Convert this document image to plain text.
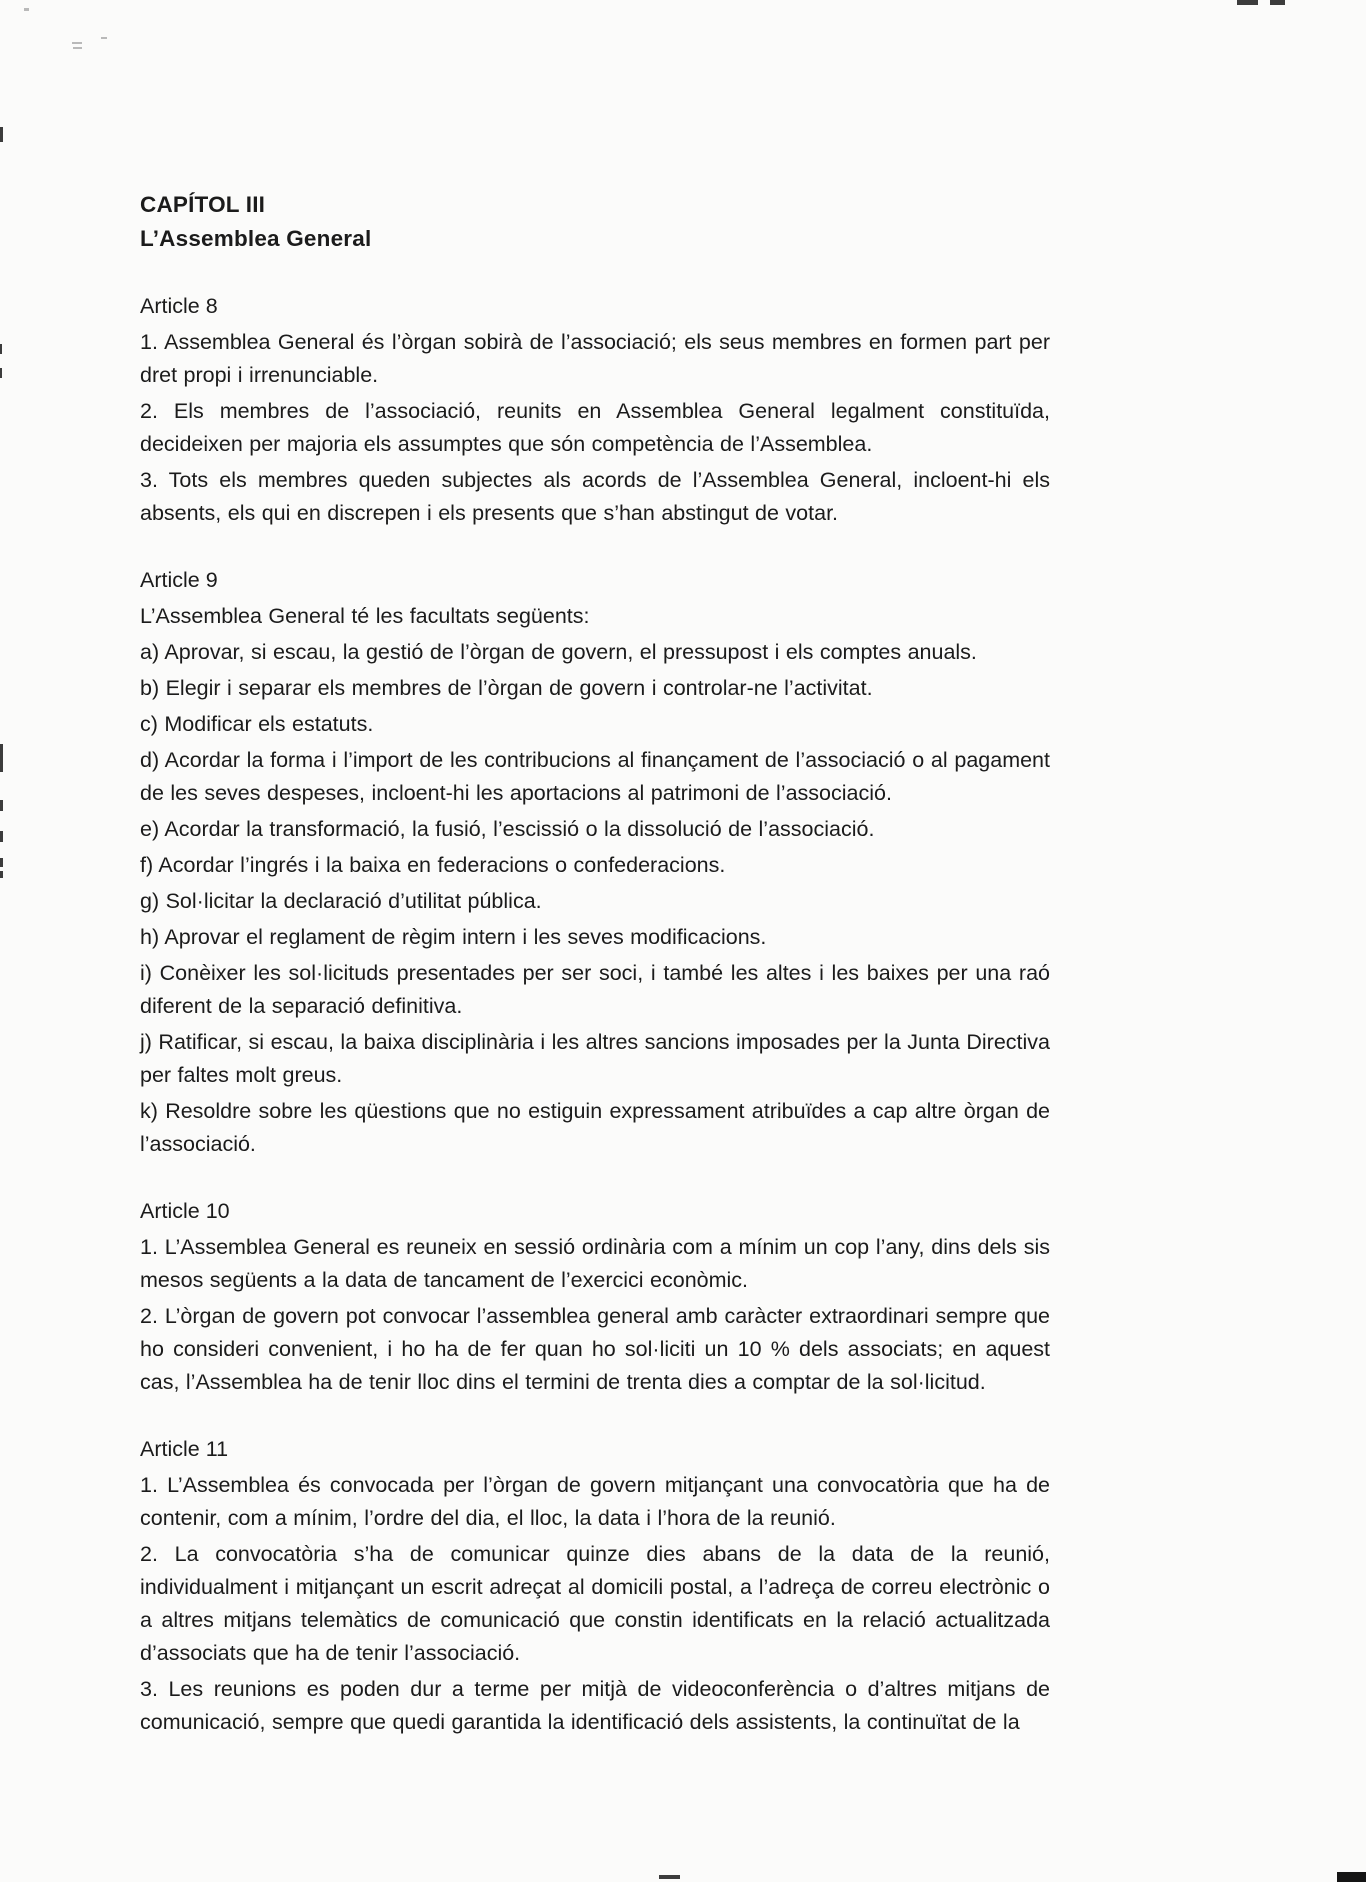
CAPÍTOL III
L’Assemblea General
Article 8

1. Assemblea General és l’òrgan sobirà de l’associació; els seus membres en formen part per dret propi i irrenunciable.

2. Els membres de l’associació, reunits en Assemblea General legalment constituïda, decideixen per majoria els assumptes que són competència de l’Assemblea.

3. Tots els membres queden subjectes als acords de l’Assemblea General, incloent-hi els absents, els qui en discrepen i els presents que s’han abstingut de votar.

Article 9

L’Assemblea General té les facultats següents:

a) Aprovar, si escau, la gestió de l’òrgan de govern, el pressupost i els comptes anuals.

b) Elegir i separar els membres de l’òrgan de govern i controlar-ne l’activitat.

c) Modificar els estatuts.

d) Acordar la forma i l’import de les contribucions al finançament de l’associació o al pagament de les seves despeses, incloent-hi les aportacions al patrimoni de l’associació.

e) Acordar la transformació, la fusió, l’escissió o la dissolució de l’associació.

f) Acordar l’ingrés i la baixa en federacions o confederacions.

g) Sol·licitar la declaració d’utilitat pública.

h) Aprovar el reglament de règim intern i les seves modificacions.

i) Conèixer les sol·licituds presentades per ser soci, i també les altes i les baixes per una raó diferent de la separació definitiva.

j) Ratificar, si escau, la baixa disciplinària i les altres sancions imposades per la Junta Directiva per faltes molt greus.

k) Resoldre sobre les qüestions que no estiguin expressament atribuïdes a cap altre òrgan de l’associació.

Article 10

1. L’Assemblea General es reuneix en sessió ordinària com a mínim un cop l’any, dins dels sis mesos següents a la data de tancament de l’exercici econòmic.

2. L’òrgan de govern pot convocar l’assemblea general amb caràcter extraordinari sempre que ho consideri convenient, i ho ha de fer quan ho sol·liciti un 10 % dels associats; en aquest cas, l’Assemblea ha de tenir lloc dins el termini de trenta dies a comptar de la sol·licitud.

Article 11

1. L’Assemblea és convocada per l’òrgan de govern mitjançant una convocatòria que ha de contenir, com a mínim, l’ordre del dia, el lloc, la data i l’hora de la reunió.

2. La convocatòria s’ha de comunicar quinze dies abans de la data de la reunió, individualment i mitjançant un escrit adreçat al domicili postal, a l’adreça de correu electrònic o a altres mitjans telemàtics de comunicació que constin identificats en la relació actualitzada d’associats que ha de tenir l’associació.

3. Les reunions es poden dur a terme per mitjà de videoconferència o d’altres mitjans de comunicació, sempre que quedi garantida la identificació dels assistents, la continuïtat de la
